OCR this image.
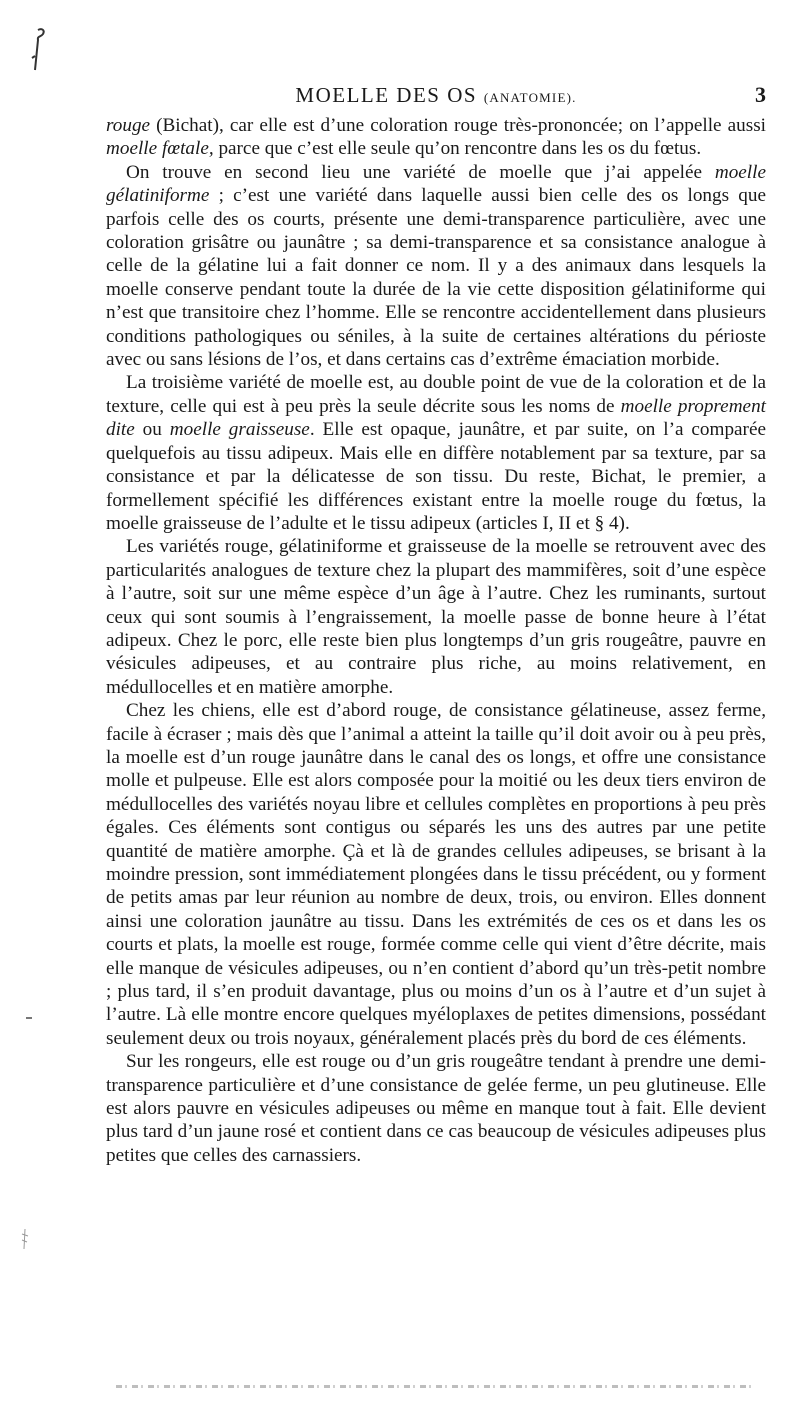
MOELLE DES OS (ANATOMIE).	3

rouge (Bichat), car elle est d’une coloration rouge très-prononcée; on l’appelle aussi moelle fœtale, parce que c’est elle seule qu’on rencontre dans les os du fœtus.

On trouve en second lieu une variété de moelle que j’ai appelée moelle gélatiniforme ; c’est une variété dans laquelle aussi bien celle des os longs que parfois celle des os courts, présente une demi-transparence particulière, avec une coloration grisâtre ou jaunâtre ; sa demi-transparence et sa consistance analogue à celle de la gélatine lui a fait donner ce nom. Il y a des animaux dans lesquels la moelle conserve pendant toute la durée de la vie cette disposition gélatiniforme qui n’est que transitoire chez l’homme. Elle se rencontre accidentellement dans plusieurs conditions pathologiques ou séniles, à la suite de certaines altérations du périoste avec ou sans lésions de l’os, et dans certains cas d’extrême émaciation morbide.

La troisième variété de moelle est, au double point de vue de la coloration et de la texture, celle qui est à peu près la seule décrite sous les noms de moelle proprement dite ou moelle graisseuse. Elle est opaque, jaunâtre, et par suite, on l’a comparée quelquefois au tissu adipeux. Mais elle en diffère notablement par sa texture, par sa consistance et par la délicatesse de son tissu. Du reste, Bichat, le premier, a formellement spécifié les différences existant entre la moelle rouge du fœtus, la moelle graisseuse de l’adulte et le tissu adipeux (articles I, II et § 4).

Les variétés rouge, gélatiniforme et graisseuse de la moelle se retrouvent avec des particularités analogues de texture chez la plupart des mammifères, soit d’une espèce à l’autre, soit sur une même espèce d’un âge à l’autre. Chez les ruminants, surtout ceux qui sont soumis à l’engraissement, la moelle passe de bonne heure à l’état adipeux. Chez le porc, elle reste bien plus longtemps d’un gris rougeâtre, pauvre en vésicules adipeuses, et au contraire plus riche, au moins relativement, en médullocelles et en matière amorphe.

Chez les chiens, elle est d’abord rouge, de consistance gélatineuse, assez ferme, facile à écraser ; mais dès que l’animal a atteint la taille qu’il doit avoir ou à peu près, la moelle est d’un rouge jaunâtre dans le canal des os longs, et offre une consistance molle et pulpeuse. Elle est alors composée pour la moitié ou les deux tiers environ de médullocelles des variétés noyau libre et cellules complètes en proportions à peu près égales. Ces éléments sont contigus ou séparés les uns des autres par une petite quantité de matière amorphe. Çà et là de grandes cellules adipeuses, se brisant à la moindre pression, sont immédiatement plongées dans le tissu précédent, ou y forment de petits amas par leur réunion au nombre de deux, trois, ou environ. Elles donnent ainsi une coloration jaunâtre au tissu. Dans les extrémités de ces os et dans les os courts et plats, la moelle est rouge, formée comme celle qui vient d’être décrite, mais elle manque de vésicules adipeuses, ou n’en contient d’abord qu’un très-petit nombre ; plus tard, il s’en produit davantage, plus ou moins d’un os à l’autre et d’un sujet à l’autre. Là elle montre encore quelques myéloplaxes de petites dimensions, possédant seulement deux ou trois noyaux, généralement placés près du bord de ces éléments.

Sur les rongeurs, elle est rouge ou d’un gris rougeâtre tendant à prendre une demi-transparence particulière et d’une consistance de gelée ferme, un peu glutineuse. Elle est alors pauvre en vésicules adipeuses ou même en manque tout à fait. Elle devient plus tard d’un jaune rosé et contient dans ce cas beaucoup de vésicules adipeuses plus petites que celles des carnassiers.
